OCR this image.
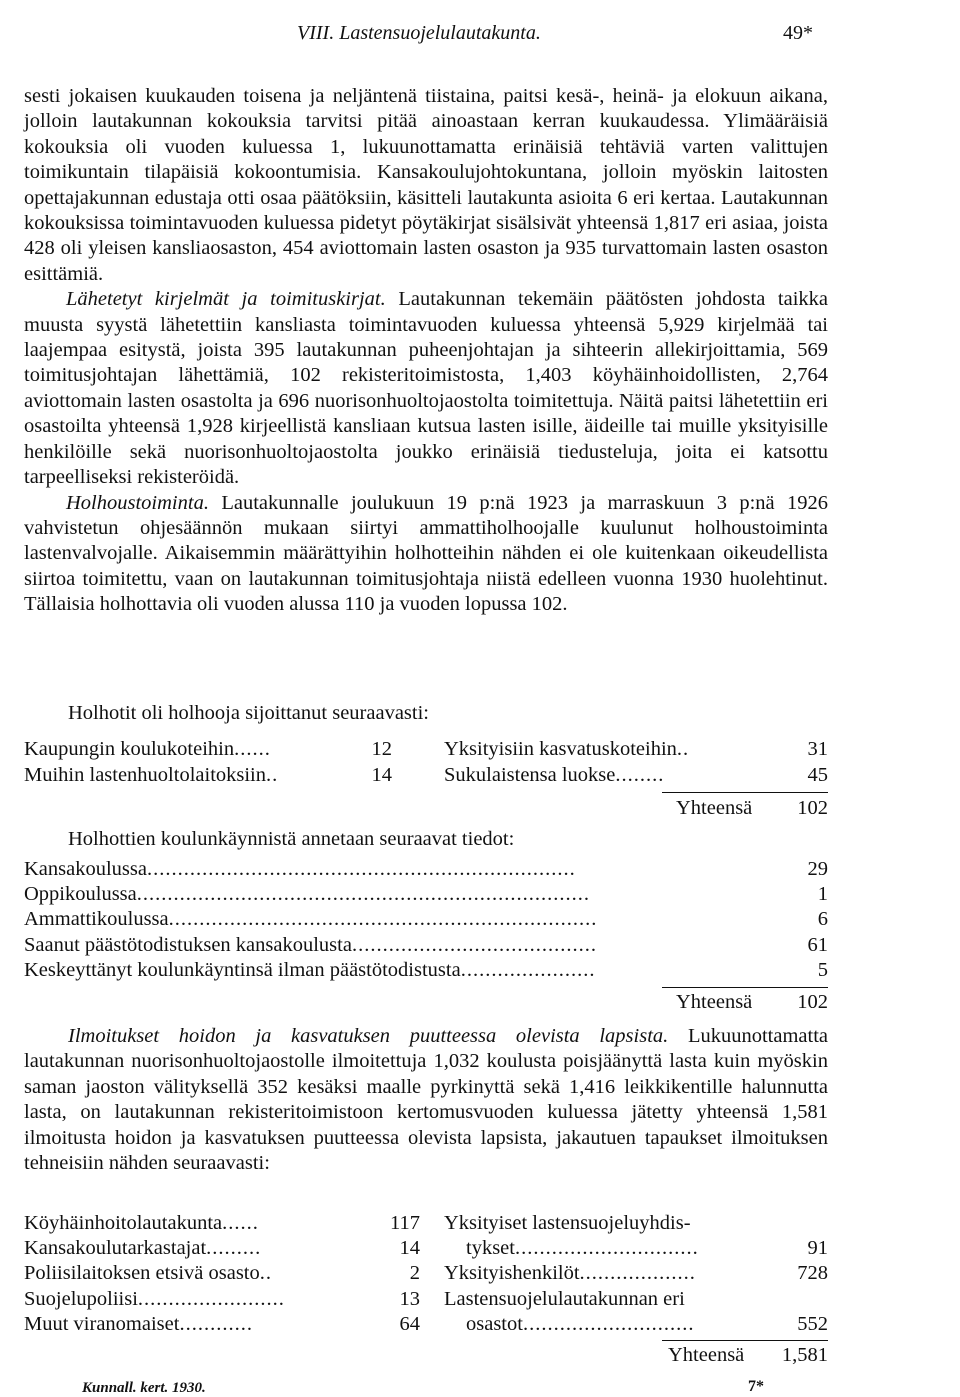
VIII. Lastensuojelulautakunta.	49*

sesti jokaisen kuukauden toisena ja neljäntenä tiistaina, paitsi kesä-, heinä- ja elokuun aikana, jolloin lautakunnan kokouksia tarvitsi pitää ainoastaan kerran kuukaudessa. Ylimääräisiä kokouksia oli vuoden kuluessa 1, lukuunottamatta erinäisiä tehtäviä varten valittujen toimikuntain tilapäisiä kokoontumisia. Kansakoulujohtokuntana, jolloin myöskin laitosten opettajakunnan edustaja otti osaa päätöksiin, käsitteli lautakunta asioita 6 eri kertaa. Lautakunnan kokouksissa toimintavuoden kuluessa pidetyt pöytäkirjat sisälsivät yhteensä 1,817 eri asiaa, joista 428 oli yleisen kansliaosaston, 454 aviottomain lasten osaston ja 935 turvattomain lasten osaston esittämiä.

Lähetetyt kirjelmät ja toimituskirjat. Lautakunnan tekemäin päätösten johdosta taikka muusta syystä lähetettiin kansliasta toimintavuoden kuluessa yhteensä 5,929 kirjelmää tai laajempaa esitystä, joista 395 lautakunnan puheenjohtajan ja sihteerin allekirjoittamia, 569 toimitusjohtajan lähettämiä, 102 rekisteritoimistosta, 1,403 köyhäinhoidollisten, 2,764 aviottomain lasten osastolta ja 696 nuorisonhuoltojaostolta toimitettuja. Näitä paitsi lähetettiin eri osastoilta yhteensä 1,928 kirjeellistä kansliaan kutsua lasten isille, äideille tai muille yksityisille henkilöille sekä nuorisonhuoltojaostolta joukko erinäisiä tiedusteluja, joita ei katsottu tarpeelliseksi rekisteröidä.

Holhoustoiminta. Lautakunnalle joulukuun 19 p:nä 1923 ja marraskuun 3 p:nä 1926 vahvistetun ohjesäännön mukaan siirtyi ammattiholhoojalle kuulunut holhoustoiminta lastenvalvojalle. Aikaisemmin määrättyihin holhotteihin nähden ei ole kuitenkaan oikeudellista siirtoa toimitettu, vaan on lautakunnan toimitusjohtaja niistä edelleen vuonna 1930 huolehtinut. Tällaisia holhottavia oli vuoden alussa 110 ja vuoden lopussa 102.

Holhotit oli holhooja sijoittanut seuraavasti:
Kaupungin koulukoteihin......	12
Muihin lastenhuoltolaitoksiin..	14
Yksityisiin kasvatuskoteihin..	31
Sukulaistensa luokse........	45
Yhteensä	102
Holhottien koulunkäynnistä annetaan seuraavat tiedot:
Kansakoulussa......................................................................	29
Oppikoulussa..........................................................................	1
Ammattikoulussa......................................................................	6
Saanut päästötodistuksen kansakoulusta........................................	61
Keskeyttänyt koulunkäyntinsä ilman päästötodistusta......................	5
Yhteensä	102

Ilmoitukset hoidon ja kasvatuksen puutteessa olevista lapsista. Lukuunottamatta lautakunnan nuorisonhuoltojaostolle ilmoitettuja 1,032 koulusta poisjäänyttä lasta kuin myöskin saman jaoston välityksellä 352 kesäksi maalle pyrkinyttä sekä 1,416 leikkikentille halunnutta lasta, on lautakunnan rekisteritoimistoon kertomusvuoden kuluessa jätetty yhteensä 1,581 ilmoitusta hoidon ja kasvatuksen puutteessa olevista lapsista, jakautuen tapaukset ilmoituksen tehneisiin nähden seuraavasti:

Köyhäinhoitolautakunta......	117
Kansakoulutarkastajat.........	14
Poliisilaitoksen etsivä osasto..	2
Suojelupoliisi........................	13
Muut viranomaiset............	64
Yksityiset lastensuojeluyhdis-
tykset..............................	91
Yksityishenkilöt...................	728
Lastensuojelulautakunnan eri
osastot............................	552
Yhteensä	1,581
Kunnall. kert. 1930.	7*
